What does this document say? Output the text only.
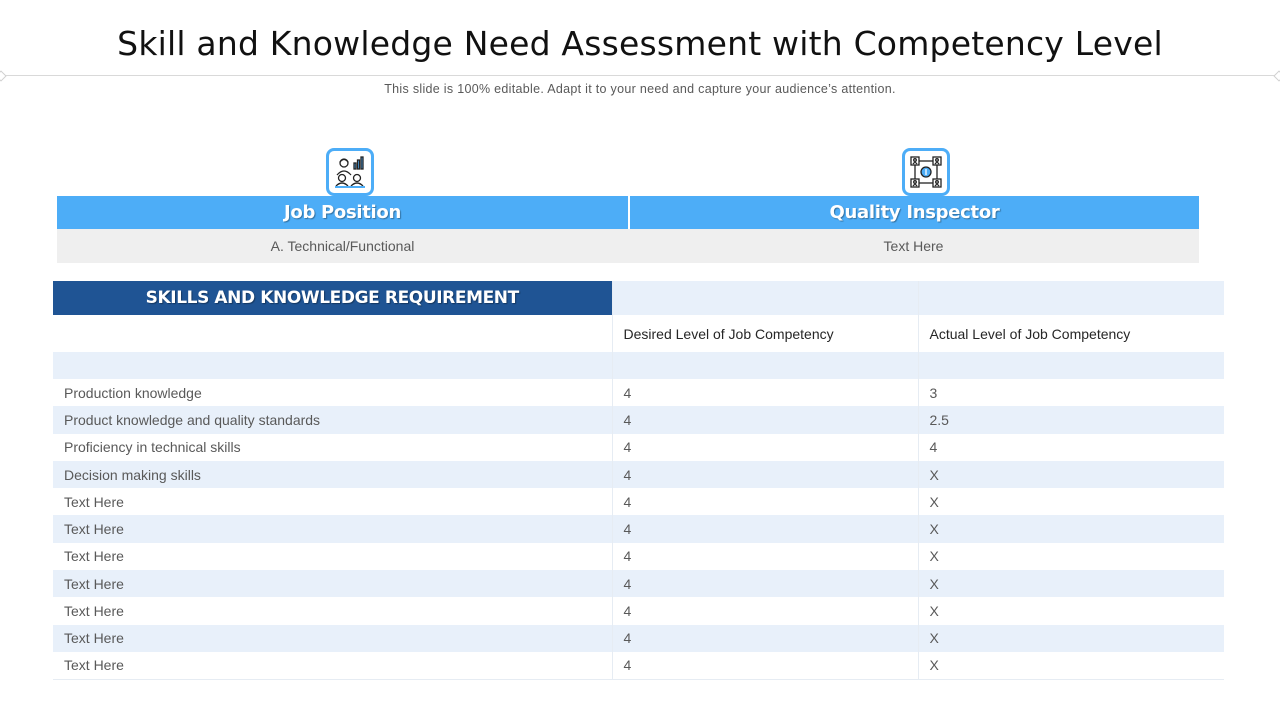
Skill and Knowledge Need Assessment with Competency Level
This slide is 100% editable. Adapt it to your need and capture your audience’s attention.
Job Position	Quality Inspector
A. Technical/Functional	Text Here
SKILLS AND KNOWLEDGE REQUIREMENT		
	Desired Level of Job Competency	Actual Level of Job Competency

Production knowledge	4	3
Product knowledge and quality standards	4	2.5
Proficiency in technical skills	4	4
Decision making skills	4	X
Text Here	4	X
Text Here	4	X
Text Here	4	X
Text Here	4	X
Text Here	4	X
Text Here	4	X
Text Here	4	X
